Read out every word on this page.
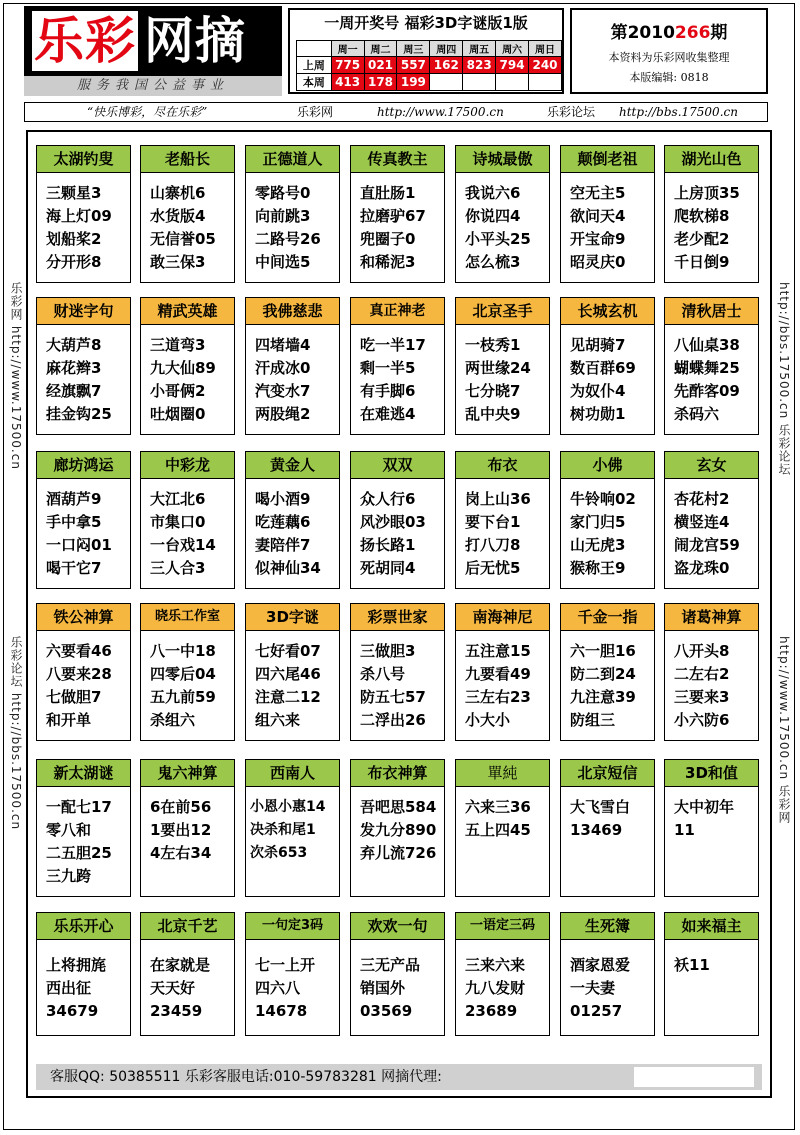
乐彩 网摘
服务我国公益事业
一周开奖号 福彩3D字谜版1版
	周一	周二	周三	周四	周五	周六	周日
上周	775	021	557	162	823	794	240
本周	413	178	199				
第2010266期
本资料为乐彩网收集整理
本版编辑: 0818
“快乐博彩，尽在乐彩”	乐彩网	http://www.17500.cn	乐彩论坛 http://bbs.17500.cn
乐彩网 http://www.17500.cn
乐彩论坛 http://bbs.17500.cn
http://bbs.17500.cn 乐彩论坛
http://www.17500.cn 乐彩网
太湖钓叟
三颗星3
海上灯09
划船桨2
分开形8
老船长
山寨机6
水货版4
无信誉05
敢三保3
正德道人
零路号0
向前跳3
二路号26
中间选5
传真教主
直肚肠1
拉磨驴67
兜圈子0
和稀泥3
诗城最傲
我说六6
你说四4
小平头25
怎么梳3
颠倒老祖
空无主5
欲问天4
开宝命9
昭灵庆0
湖光山色
上房顶35
爬软梯8
老少配2
千日倒9
财迷字句
大葫芦8
麻花辫3
经旗飘7
挂金钩25
精武英雄
三道弯3
九大仙89
小哥俩2
吐烟圈0
我佛慈悲
四堵墙4
汗成冰0
汽变水7
两股绳2
真正神老
吃一半17
剩一半5
有手脚6
在难逃4
北京圣手
一枝秀1
两世缘24
七分晓7
乱中央9
长城玄机
见胡骑7
数百群69
为奴仆4
树功勋1
清秋居士
八仙桌38
蝴蝶舞25
先酢客09
杀码六
廊坊鸿运
酒葫芦9
手中拿5
一口闷01
喝干它7
中彩龙
大江北6
市集口0
一台戏14
三人合3
黄金人
喝小酒9
吃莲藕6
妻陪伴7
似神仙34
双双
众人行6
风沙眼03
扬长路1
死胡同4
布衣
岗上山36
要下台1
打八刀8
后无忧5
小佛
牛铃响02
家门归5
山无虎3
猴称王9
玄女
杏花村2
横竖连4
闹龙宫59
盗龙珠0
铁公神算
六要看46
八要来28
七做胆7
和开单
晓乐工作室
八一中18
四零后04
五九前59
杀组六
3D字谜
七好看07
四六尾46
注意二12
组六来
彩票世家
三做胆3
杀八号
防五七57
二浮出26
南海神尼
五注意15
九要看49
三左右23
小大小
千金一指
六一胆16
防二到24
九注意39
防组三
诸葛神算
八开头8
二左右2
三要来3
小六防6
新太湖谜
一配七17
零八和
二五胆25
三九跨
鬼六神算
6在前56
1要出12
4左右34
西南人
小恩小惠14
决杀和尾1
次杀653
布衣神算
吾吧思584
发九分890
弃儿流726
單純
六来三36
五上四45
北京短信
大飞雪白
13469
3D和值
大中初年
11
乐乐开心
上将拥旄
西出征
34679
北京千艺
在家就是
天天好
23459
一句定3码
七一上开
四六八
14678
欢欢一句
三无产品
销国外
03569
一语定三码
三来六来
九八发财
23689
生死簿
酒家恩爱
一夫妻
01257
如来福主
袄11
客服QQ: 50385511 乐彩客服电话:010-59783281 网摘代理:
